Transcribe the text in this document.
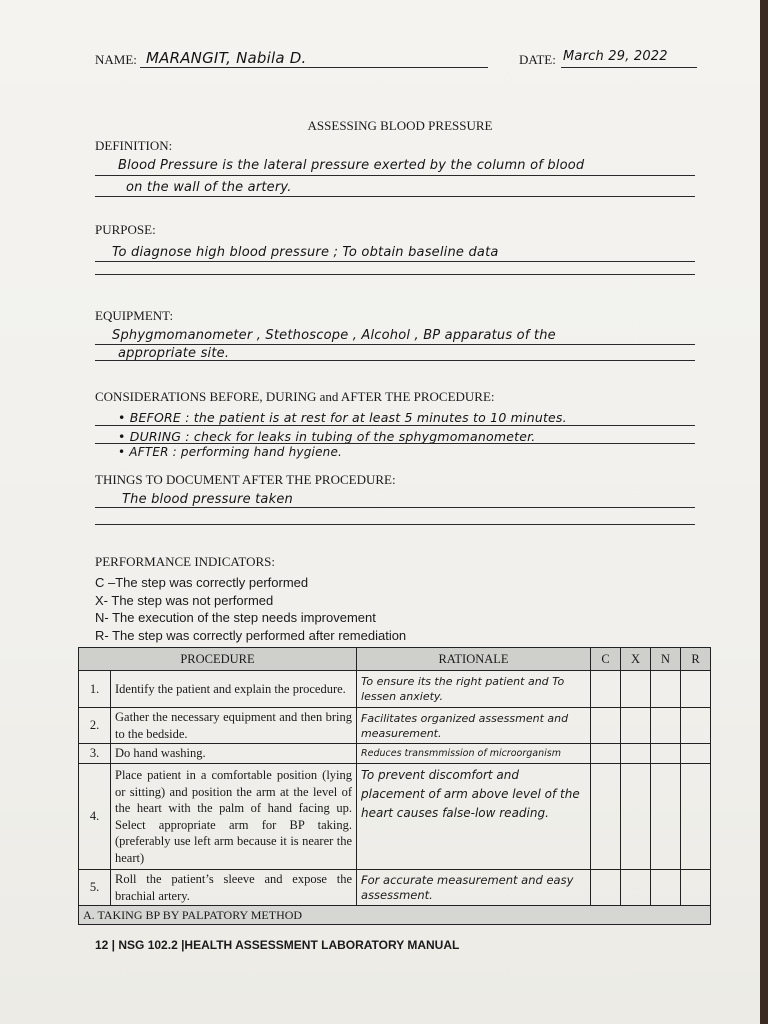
NAME: MARANGIT, Nabila D.	DATE: March 29, 2022
ASSESSING BLOOD PRESSURE
DEFINITION:
Blood Pressure is the lateral pressure exerted by the column of blood
on the wall of the artery.
PURPOSE:
To diagnose high blood pressure ; To obtain baseline data
EQUIPMENT:
Sphygmomanometer , Stethoscope , Alcohol , BP apparatus of the
appropriate site.
CONSIDERATIONS BEFORE, DURING and AFTER THE PROCEDURE:
• BEFORE : the patient is at rest for at least 5 minutes to 10 minutes.
• DURING : check for leaks in tubing of the sphygmomanometer.
• AFTER : performing hand hygiene.
THINGS TO DOCUMENT AFTER THE PROCEDURE:
The blood pressure taken
PERFORMANCE INDICATORS:
C –The step was correctly performed
X- The step was not performed
N- The execution of the step needs improvement
R- The step was correctly performed after remediation
PROCEDURE		RATIONALE	C	X	N	R
1.	Identify the patient and explain the procedure.	To ensure its the right patient and To lessen anxiety.				
2.	Gather the necessary equipment and then bring to the bedside.	Facilitates organized assessment and measurement.				
3.	Do hand washing.	Reduces transmmission of microorganism				
4.	Place patient in a comfortable position (lying or sitting) and position the arm at the level of the heart with the palm of hand facing up. Select appropriate arm for BP taking. (preferably use left arm because it is nearer the heart)	To prevent discomfort and placement of arm above level of the heart causes false-low reading.				
5.	Roll the patient’s sleeve and expose the brachial artery.	For accurate measurement and easy assessment.				
A. TAKING BP BY PALPATORY METHOD						
12 | NSG 102.2 |HEALTH ASSESSMENT LABORATORY MANUAL
